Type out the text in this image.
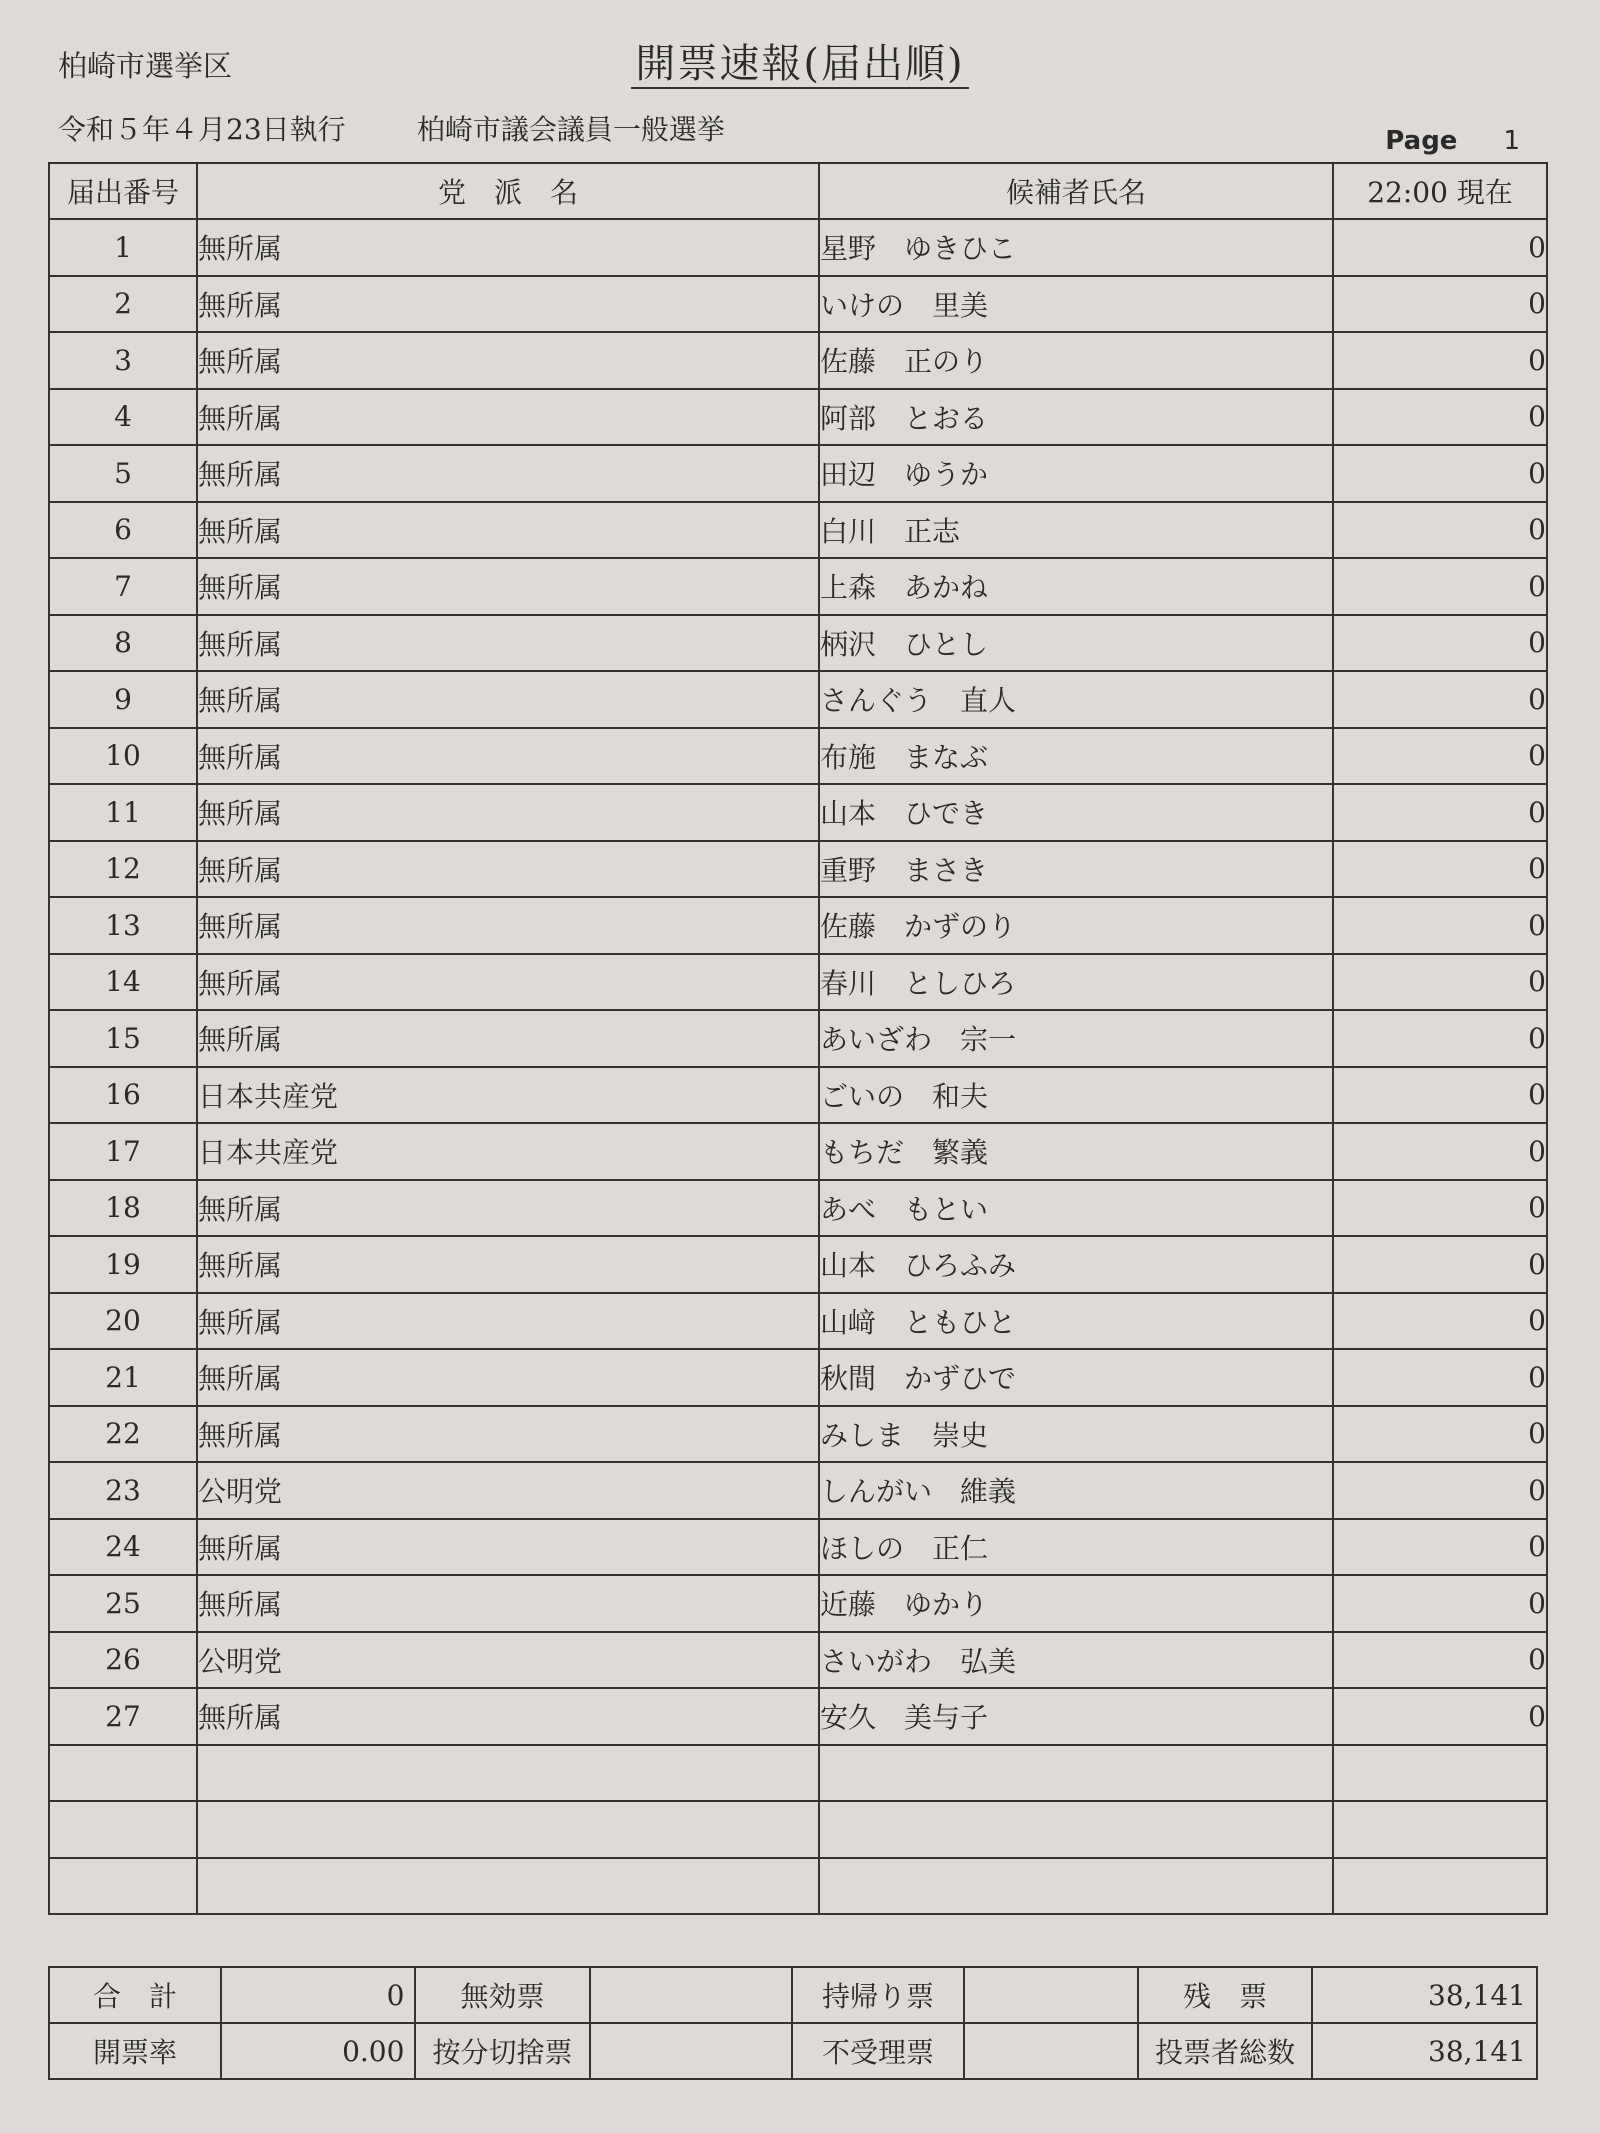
柏崎市選挙区	開票速報(届出順)
令和５年４月23日執行	柏崎市議会議員一般選挙	Page 1
届出番号	党　派　名	候補者氏名	22:00 現在
1	無所属	星野　ゆきひこ	0
2	無所属	いけの　里美	0
3	無所属	佐藤　正のり	0
4	無所属	阿部　とおる	0
5	無所属	田辺　ゆうか	0
6	無所属	白川　正志	0
7	無所属	上森　あかね	0
8	無所属	柄沢　ひとし	0
9	無所属	さんぐう　直人	0
10	無所属	布施　まなぶ	0
11	無所属	山本　ひでき	0
12	無所属	重野　まさき	0
13	無所属	佐藤　かずのり	0
14	無所属	春川　としひろ	0
15	無所属	あいざわ　宗一	0
16	日本共産党	ごいの　和夫	0
17	日本共産党	もちだ　繁義	0
18	無所属	あべ　もとい	0
19	無所属	山本　ひろふみ	0
20	無所属	山﨑　ともひと	0
21	無所属	秋間　かずひで	0
22	無所属	みしま　崇史	0
23	公明党	しんがい　維義	0
24	無所属	ほしの　正仁	0
25	無所属	近藤　ゆかり	0
26	公明党	さいがわ　弘美	0
27	無所属	安久　美与子	0

合　計	0	無効票		持帰り票		残　票	38,141
開票率	0.00	按分切捨票		不受理票		投票者総数	38,141
